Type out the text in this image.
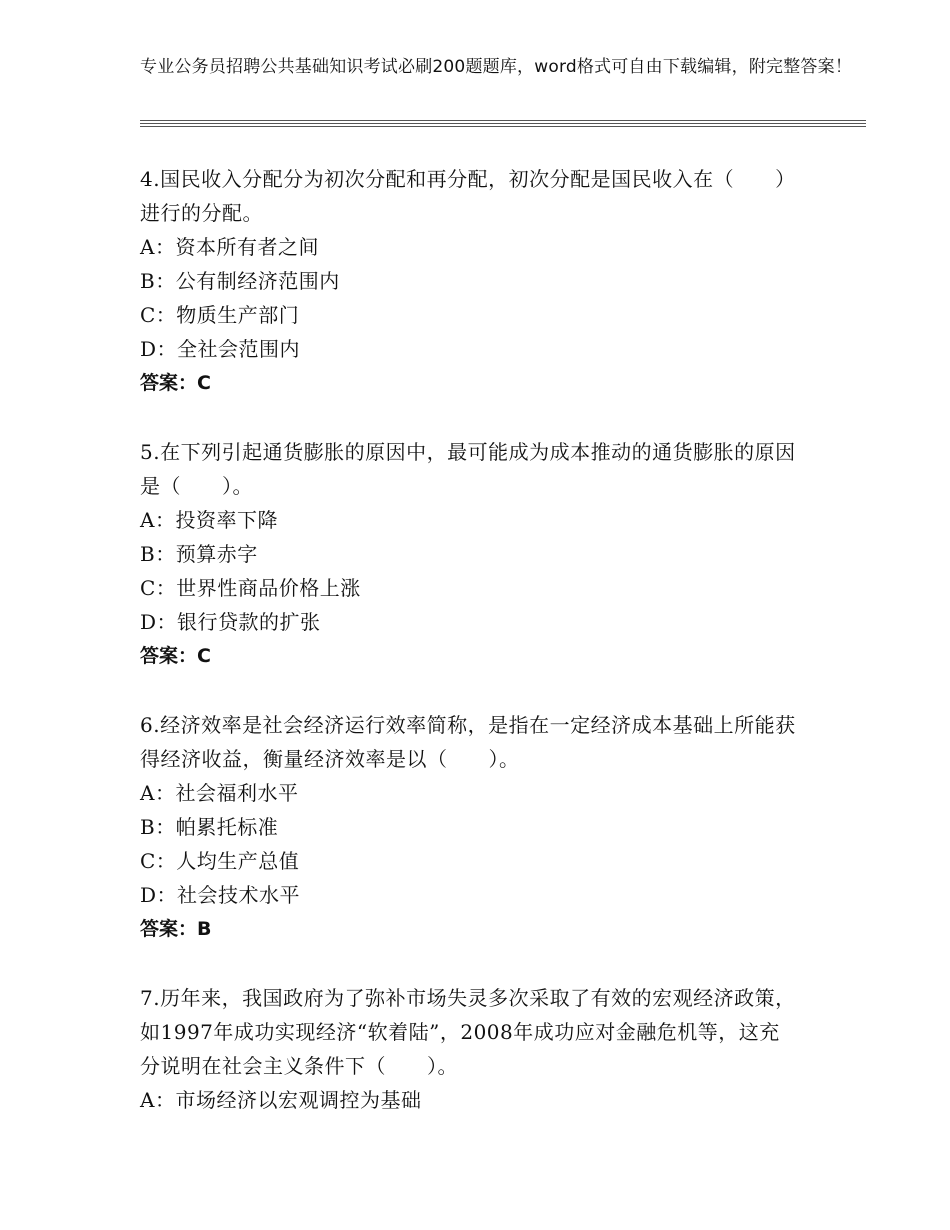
专业公务员招聘公共基础知识考试必刷200题题库，word格式可自由下载编辑，附完整答案！

4.国民收入分配分为初次分配和再分配，初次分配是国民收入在（　　）进行的分配。

A：资本所有者之间

B：公有制经济范围内

C：物质生产部门

D：全社会范围内

答案：C

5.在下列引起通货膨胀的原因中，最可能成为成本推动的通货膨胀的原因是（　　）。

A：投资率下降

B：预算赤字

C：世界性商品价格上涨

D：银行贷款的扩张

答案：C

6.经济效率是社会经济运行效率简称，是指在一定经济成本基础上所能获得经济收益，衡量经济效率是以（　　）。

A：社会福利水平

B：帕累托标准

C：人均生产总值

D：社会技术水平

答案：B

7.历年来，我国政府为了弥补市场失灵多次采取了有效的宏观经济政策，如1997年成功实现经济“软着陆”，2008年成功应对金融危机等，这充分说明在社会主义条件下（　　）。

A：市场经济以宏观调控为基础
